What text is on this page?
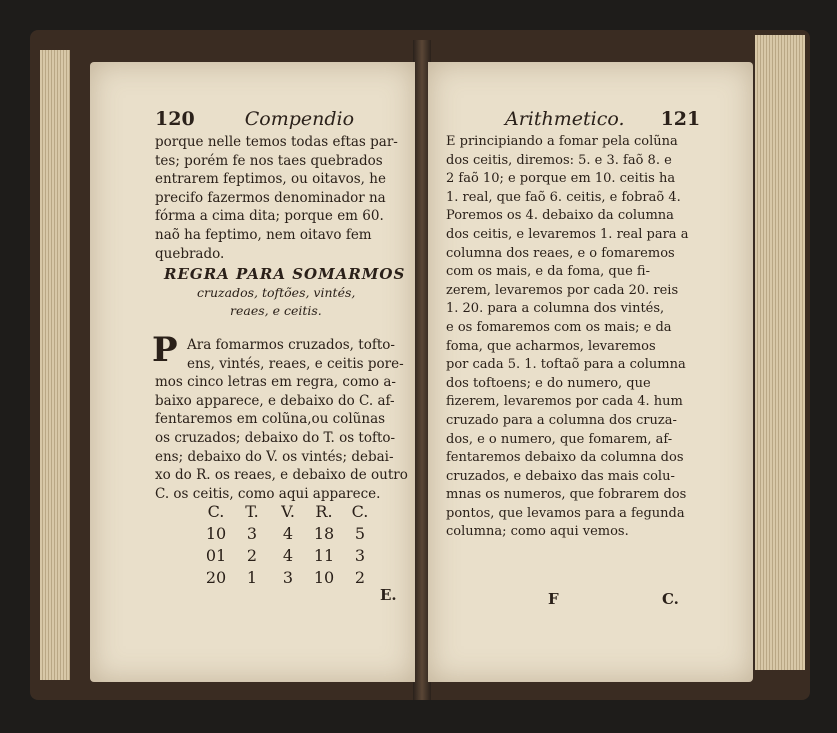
120	Compendio
porque nelle temos todas eftas par-
tes; porém fe nos taes quebrados
entrarem feptimos, ou oitavos, he
precifo fazermos denominador na
fórma a cima dita; porque em 60.
naõ ha feptimo, nem oitavo fem
quebrado.
REGRA PARA SOMARMOS
cruzados, toftões, vintés,
reaes, e ceitis.
P Ara fomarmos cruzados, tofto-
ens, vintés, reaes, e ceitis pore-
mos cinco letras em regra, como a-
baixo apparece, e debaixo do C. af-
fentaremos em colũna,ou colũnas
os cruzados; debaixo do T. os tofto-
ens; debaixo do V. os vintés; debai-
xo do R. os reaes, e debaixo de outro
C. os ceitis, como aqui apparece.
C.	T.	V.	R.	C.
10	3	4	18	5
01	2	4	11	3
20	1	3	10	2
E.
Arithmetico. 121
E principiando a fomar pela colũna
dos ceitis, diremos: 5. e 3. faõ 8. e
2 faõ 10; e porque em 10. ceitis ha
1. real, que faõ 6. ceitis, e fobraõ 4.
Poremos os 4. debaixo da columna
dos ceitis, e levaremos 1. real para a
columna dos reaes, e o fomaremos
com os mais, e da foma, que fi-
zerem, levaremos por cada 20. reis
1. 20. para a columna dos vintés,
e os fomaremos com os mais; e da
foma, que acharmos, levaremos
por cada 5. 1. toftaõ para a columna
dos toftoens; e do numero, que
fizerem, levaremos por cada 4. hum
cruzado para a columna dos cruza-
dos, e o numero, que fomarem, af-
fentaremos debaixo da columna dos
cruzados, e debaixo das mais colu-
mnas os numeros, que fobrarem dos
pontos, que levamos para a fegunda
columna; como aqui vemos.
F	C.
